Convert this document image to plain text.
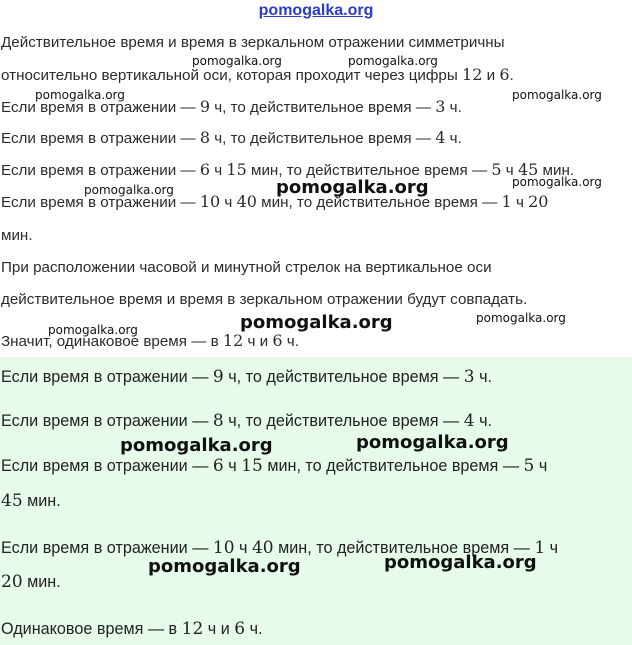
pomogalka.org
Действительное время и время в зеркальном отражении симметричны
относительно вертикальной оси, которая проходит через цифры 12 и 6.
Если время в отражении — 9 ч, то действительное время — 3 ч.
Если время в отражении — 8 ч, то действительное время — 4 ч.
Если время в отражении — 6 ч 15 мин, то действительное время — 5 ч 45 мин.
Если время в отражении — 10 ч 40 мин, то действительное время — 1 ч 20
мин.
При расположении часовой и минутной стрелок на вертикальное оси
действительное время и время в зеркальном отражении будут совпадать.
Значит, одинаковое время — в 12 ч и 6 ч.
Если время в отражении — 9 ч, то действительное время — 3 ч.
Если время в отражении — 8 ч, то действительное время — 4 ч.
Если время в отражении — 6 ч 15 мин, то действительное время — 5 ч
45 мин.
Если время в отражении — 10 ч 40 мин, то действительное время — 1 ч
20 мин.
Одинаковое время — в 12 ч и 6 ч.
pomogalka.org	pomogalka.org
pomogalka.org	pomogalka.org
pomogalka.org	pomogalka.org	pomogalka.org
pomogalka.org	pomogalka.org	pomogalka.org
pomogalka.org	pomogalka.org
pomogalka.org	pomogalka.org
